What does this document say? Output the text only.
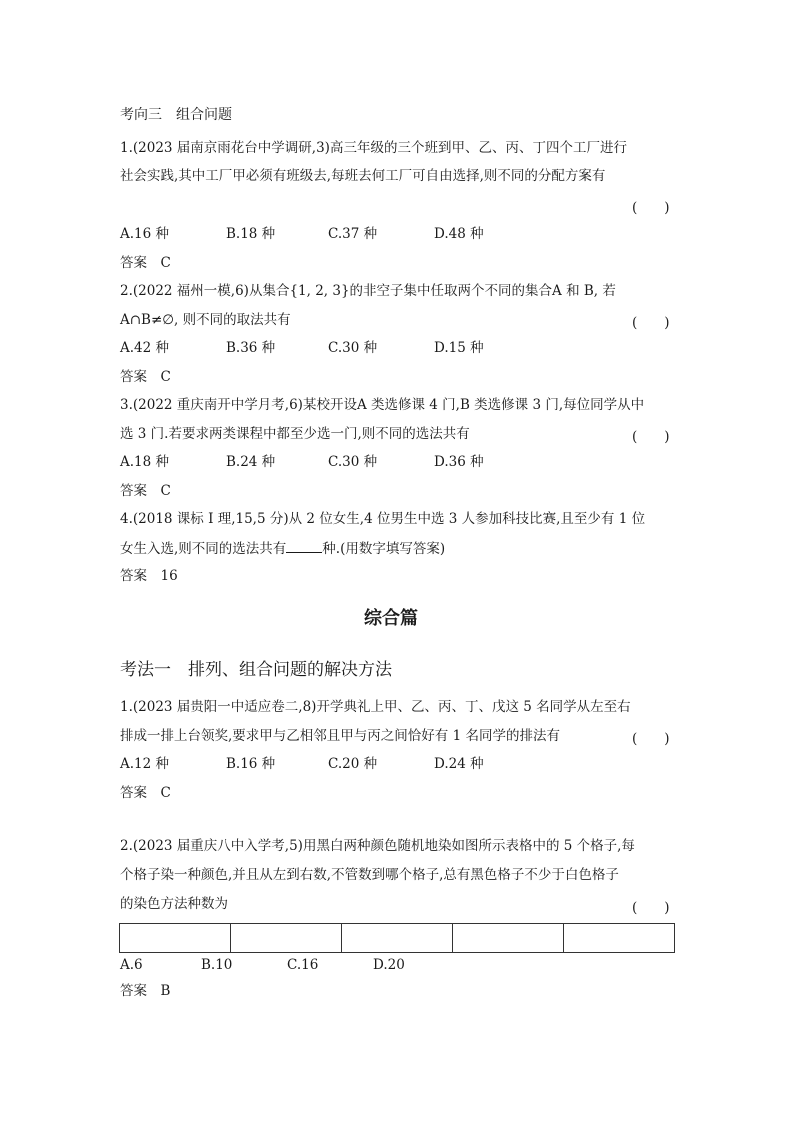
考向三　组合问题
1.(2023 届南京雨花台中学调研,3)高三年级的三个班到甲、乙、丙、丁四个工厂进行
社会实践,其中工厂甲必须有班级去,每班去何工厂可自由选择,则不同的分配方案有
(　　)
A.16 种	B.18 种	C.37 种	D.48 种
答案　C
2.(2022 福州一模,6)从集合{1, 2, 3}的非空子集中任取两个不同的集合A 和 B, 若
A∩B≠∅, 则不同的取法共有	(　　)
A.42 种	B.36 种	C.30 种	D.15 种
答案　C
3.(2022 重庆南开中学月考,6)某校开设A 类选修课 4 门,B 类选修课 3 门,每位同学从中
选 3 门.若要求两类课程中都至少选一门,则不同的选法共有	(　　)
A.18 种	B.24 种	C.30 种	D.36 种
答案　C
4.(2018 课标 I 理,15,5 分)从 2 位女生,4 位男生中选 3 人参加科技比赛,且至少有 1 位
女生入选,则不同的选法共有	种.(用数字填写答案)
答案　16
综合篇
考法一　排列、组合问题的解决方法
1.(2023 届贵阳一中适应卷二,8)开学典礼上甲、乙、丙、丁、戊这 5 名同学从左至右
排成一排上台领奖,要求甲与乙相邻且甲与丙之间恰好有 1 名同学的排法有	(　　)
A.12 种	B.16 种	C.20 种	D.24 种
答案　C
2.(2023 届重庆八中入学考,5)用黑白两种颜色随机地染如图所示表格中的 5 个格子,每
个格子染一种颜色,并且从左到右数,不管数到哪个格子,总有黑色格子不少于白色格子
的染色方法种数为	(　　)
A.6	B.10	C.16	D.20
答案　B
